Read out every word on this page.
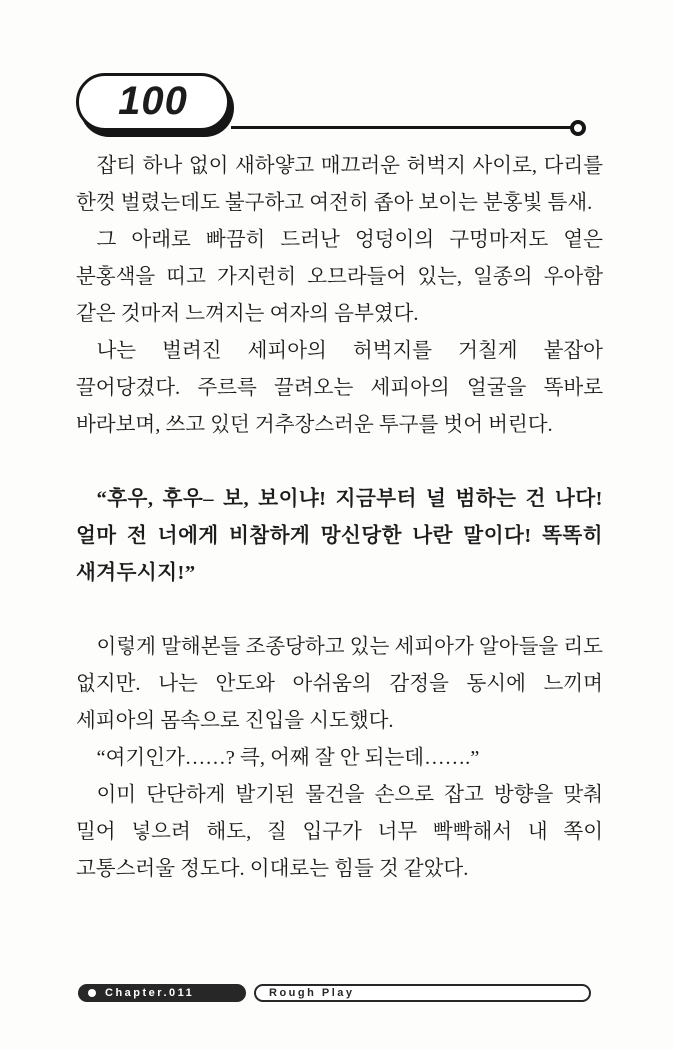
100

잡티 하나 없이 새하얗고 매끄러운 허벅지 사이로, 다리를 한껏 벌렸는데도 불구하고 여전히 좁아 보이는 분홍빛 틈새.

그 아래로 빠끔히 드러난 엉덩이의 구멍마저도 옅은 분홍색을 띠고 가지런히 오므라들어 있는, 일종의 우아함 같은 것마저 느껴지는 여자의 음부였다.

나는 벌려진 세피아의 허벅지를 거칠게 붙잡아 끌어당겼다. 주르륵 끌려오는 세피아의 얼굴을 똑바로 바라보며, 쓰고 있던 거추장스러운 투구를 벗어 버린다.

“후우, 후우– 보, 보이냐! 지금부터 널 범하는 건 나다! 얼마 전 너에게 비참하게 망신당한 나란 말이다! 똑똑히 새겨두시지!”

이렇게 말해본들 조종당하고 있는 세피아가 알아들을 리도 없지만. 나는 안도와 아쉬움의 감정을 동시에 느끼며 세피아의 몸속으로 진입을 시도했다.

“여기인가……? 큭, 어째 잘 안 되는데…….”

이미 단단하게 발기된 물건을 손으로 잡고 방향을 맞춰 밀어 넣으려 해도, 질 입구가 너무 빡빡해서 내 쪽이 고통스러울 정도다. 이대로는 힘들 것 같았다.

Chapter.011	Rough Play
